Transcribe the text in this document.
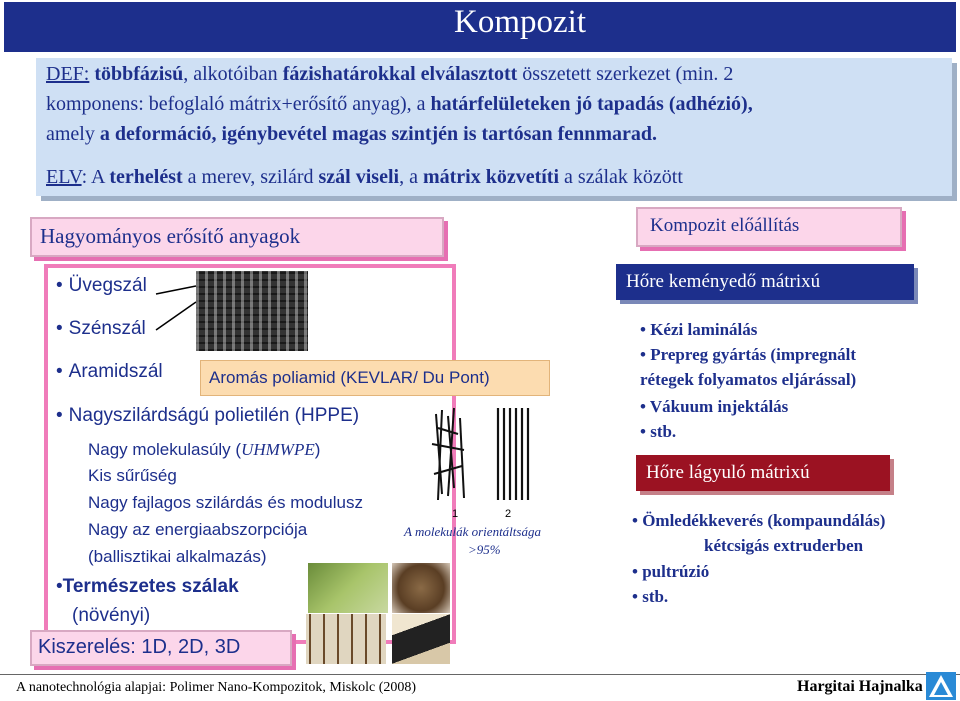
Kompozit
DEF: többfázisú, alkotóiban fázishatárokkal elválasztott összetett szerkezet (min. 2
komponens: befoglaló mátrix+erősítő anyag), a határfelületeken jó tapadás (adhézió),
amely a deformáció, igénybevétel magas szintjén is tartósan fennmarad.
ELV: A terhelést a merev, szilárd szál viseli, a mátrix közvetíti a szálak között
Hagyományos erősítő anyagok
• Üvegszál
• Szénszál
• Aramidszál	Aromás poliamid (KEVLAR/ Du Pont)
• Nagyszilárdságú polietilén (HPPE)
Nagy molekulasúly (UHMWPE)
Kis sűrűség
Nagy fajlagos szilárdás és modulusz
Nagy az energiaabszorpciója
(ballisztikai alkalmazás)
1	2
A molekulák orientáltsága
>95%
•Természetes szálak
(növényi)
Kiszerelés: 1D, 2D, 3D
Kompozit előállítás
Hőre keményedő mátrixú
• Kézi laminálás
• Prepreg gyártás (impregnált
rétegek folyamatos eljárással)
• Vákuum injektálás
• stb.
Hőre lágyuló mátrixú
• Ömledékkeverés (kompaundálás)
kétcsigás extruderben
• pultrúzió
• stb.
A nanotechnológia alapjai: Polimer Nano-Kompozitok, Miskolc (2008)	Hargitai Hajnalka
